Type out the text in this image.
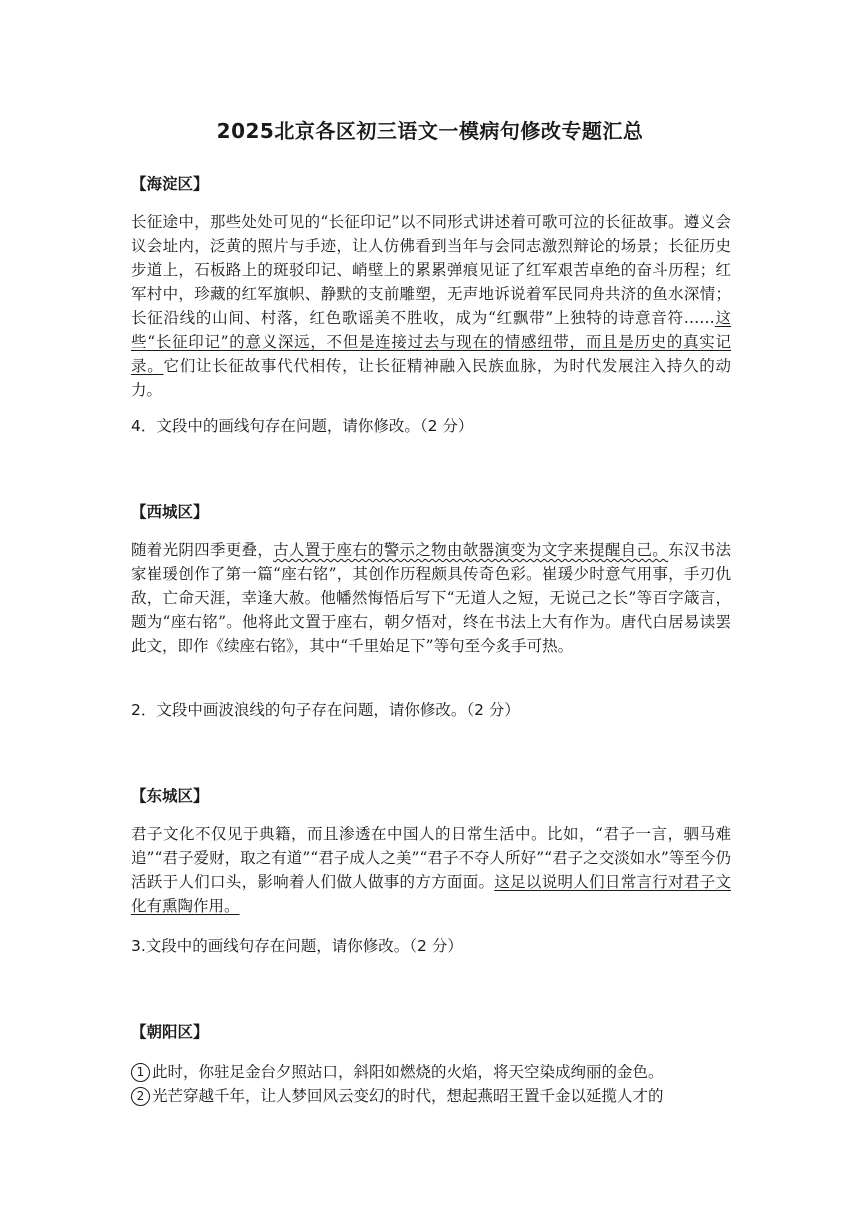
2025北京各区初三语文一模病句修改专题汇总
【海淀区】
长征途中，那些处处可见的“长征印记”以不同形式讲述着可歌可泣的长征故事。遵义会议会址内，泛黄的照片与手迹，让人仿佛看到当年与会同志激烈辩论的场景；长征历史步道上，石板路上的斑驳印记、峭壁上的累累弹痕见证了红军艰苦卓绝的奋斗历程；红军村中，珍藏的红军旗帜、静默的支前雕塑，无声地诉说着军民同舟共济的鱼水深情；长征沿线的山间、村落，红色歌谣美不胜收，成为“红飘带”上独特的诗意音符……这些“长征印记”的意义深远，不但是连接过去与现在的情感纽带，而且是历史的真实记录。它们让长征故事代代相传，让长征精神融入民族血脉，为时代发展注入持久的动力。
4．文段中的画线句存在问题，请你修改。（2 分）
【西城区】
随着光阴四季更叠，古人置于座右的警示之物由欹器演变为文字来提醒自己。东汉书法家崔瑗创作了第一篇“座右铭”，其创作历程颇具传奇色彩。崔瑗少时意气用事，手刃仇敌，亡命天涯，幸逢大赦。他幡然悔悟后写下“无道人之短，无说己之长”等百字箴言，题为“座右铭”。他将此文置于座右，朝夕悟对，终在书法上大有作为。唐代白居易读罢此文，即作《续座右铭》，其中“千里始足下”等句至今炙手可热。
2．文段中画波浪线的句子存在问题，请你修改。（2 分）
【东城区】
君子文化不仅见于典籍，而且渗透在中国人的日常生活中。比如，“君子一言，驷马难追”“君子爱财，取之有道”“君子成人之美”“君子不夺人所好”“君子之交淡如水”等至今仍活跃于人们口头，影响着人们做人做事的方方面面。这足以说明人们日常言行对君子文化有熏陶作用。
3.文段中的画线句存在问题，请你修改。（2 分）
【朝阳区】
1 此时，你驻足金台夕照站口，斜阳如燃烧的火焰，将天空染成绚丽的金色。
2 光芒穿越千年，让人梦回风云变幻的时代，想起燕昭王置千金以延揽人才的
